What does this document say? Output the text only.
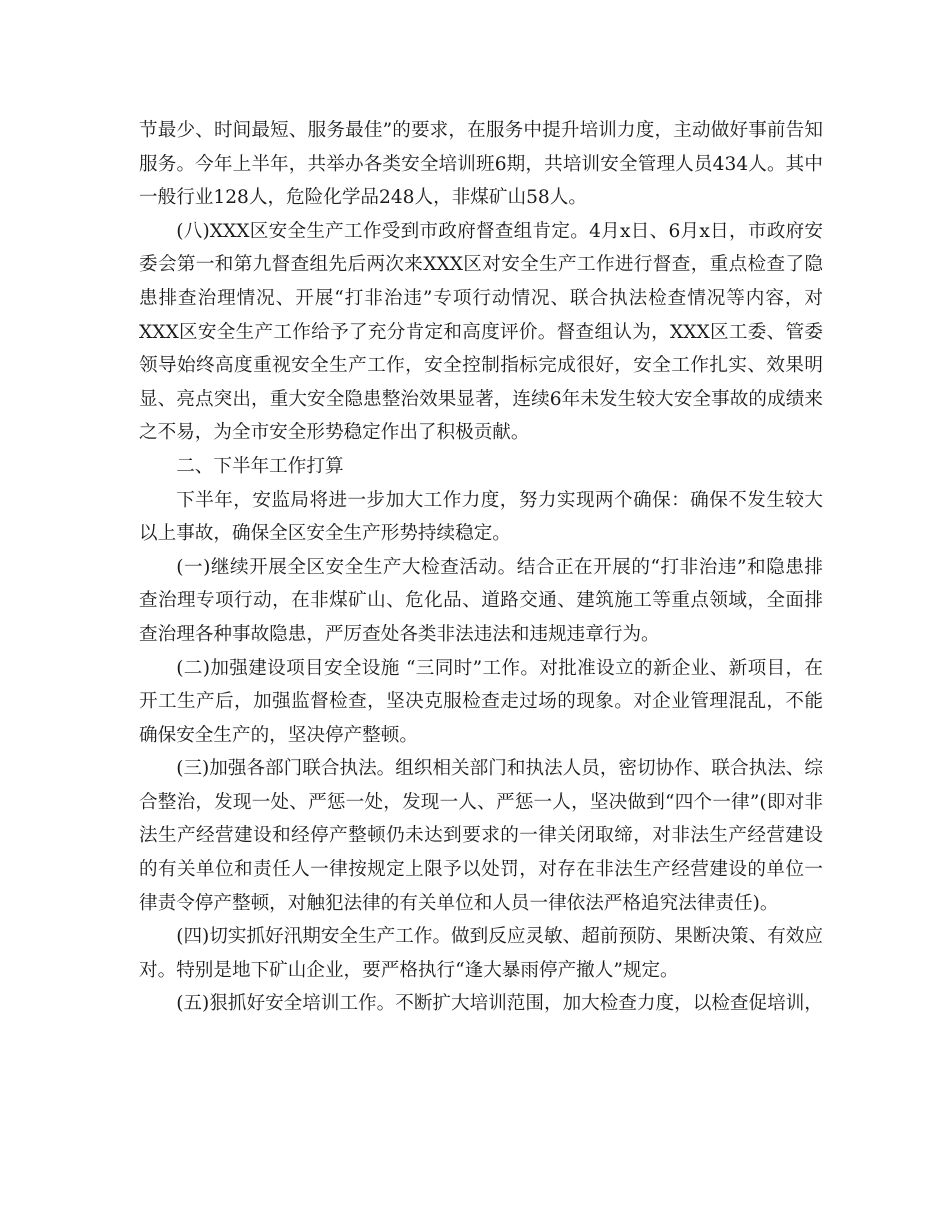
节最少、时间最短、服务最佳”的要求，在服务中提升培训力度，主动做好事前告知服务。今年上半年，共举办各类安全培训班6期，共培训安全管理人员434人。其中一般行业128人，危险化学品248人，非煤矿山58人。

(八)XXX区安全生产工作受到市政府督查组肯定。4月x日、6月x日，市政府安委会第一和第九督查组先后两次来XXX区对安全生产工作进行督查，重点检查了隐患排查治理情况、开展“打非治违”专项行动情况、联合执法检查情况等内容，对XXX区安全生产工作给予了充分肯定和高度评价。督查组认为，XXX区工委、管委领导始终高度重视安全生产工作，安全控制指标完成很好，安全工作扎实、效果明显、亮点突出，重大安全隐患整治效果显著，连续6年未发生较大安全事故的成绩来之不易，为全市安全形势稳定作出了积极贡献。

二、下半年工作打算

下半年，安监局将进一步加大工作力度，努力实现两个确保：确保不发生较大以上事故，确保全区安全生产形势持续稳定。

(一)继续开展全区安全生产大检查活动。结合正在开展的“打非治违”和隐患排查治理专项行动，在非煤矿山、危化品、道路交通、建筑施工等重点领域，全面排查治理各种事故隐患，严厉查处各类非法违法和违规违章行为。

(二)加强建设项目安全设施 “三同时”工作。对批准设立的新企业、新项目，在开工生产后，加强监督检查，坚决克服检查走过场的现象。对企业管理混乱，不能确保安全生产的，坚决停产整顿。

(三)加强各部门联合执法。组织相关部门和执法人员，密切协作、联合执法、综合整治，发现一处、严惩一处，发现一人、严惩一人，坚决做到“四个一律”(即对非法生产经营建设和经停产整顿仍未达到要求的一律关闭取缔，对非法生产经营建设的有关单位和责任人一律按规定上限予以处罚，对存在非法生产经营建设的单位一律责令停产整顿，对触犯法律的有关单位和人员一律依法严格追究法律责任)。

(四)切实抓好汛期安全生产工作。做到反应灵敏、超前预防、果断决策、有效应对。特别是地下矿山企业，要严格执行“逢大暴雨停产撤人”规定。

(五)狠抓好安全培训工作。不断扩大培训范围，加大检查力度，以检查促培训，
